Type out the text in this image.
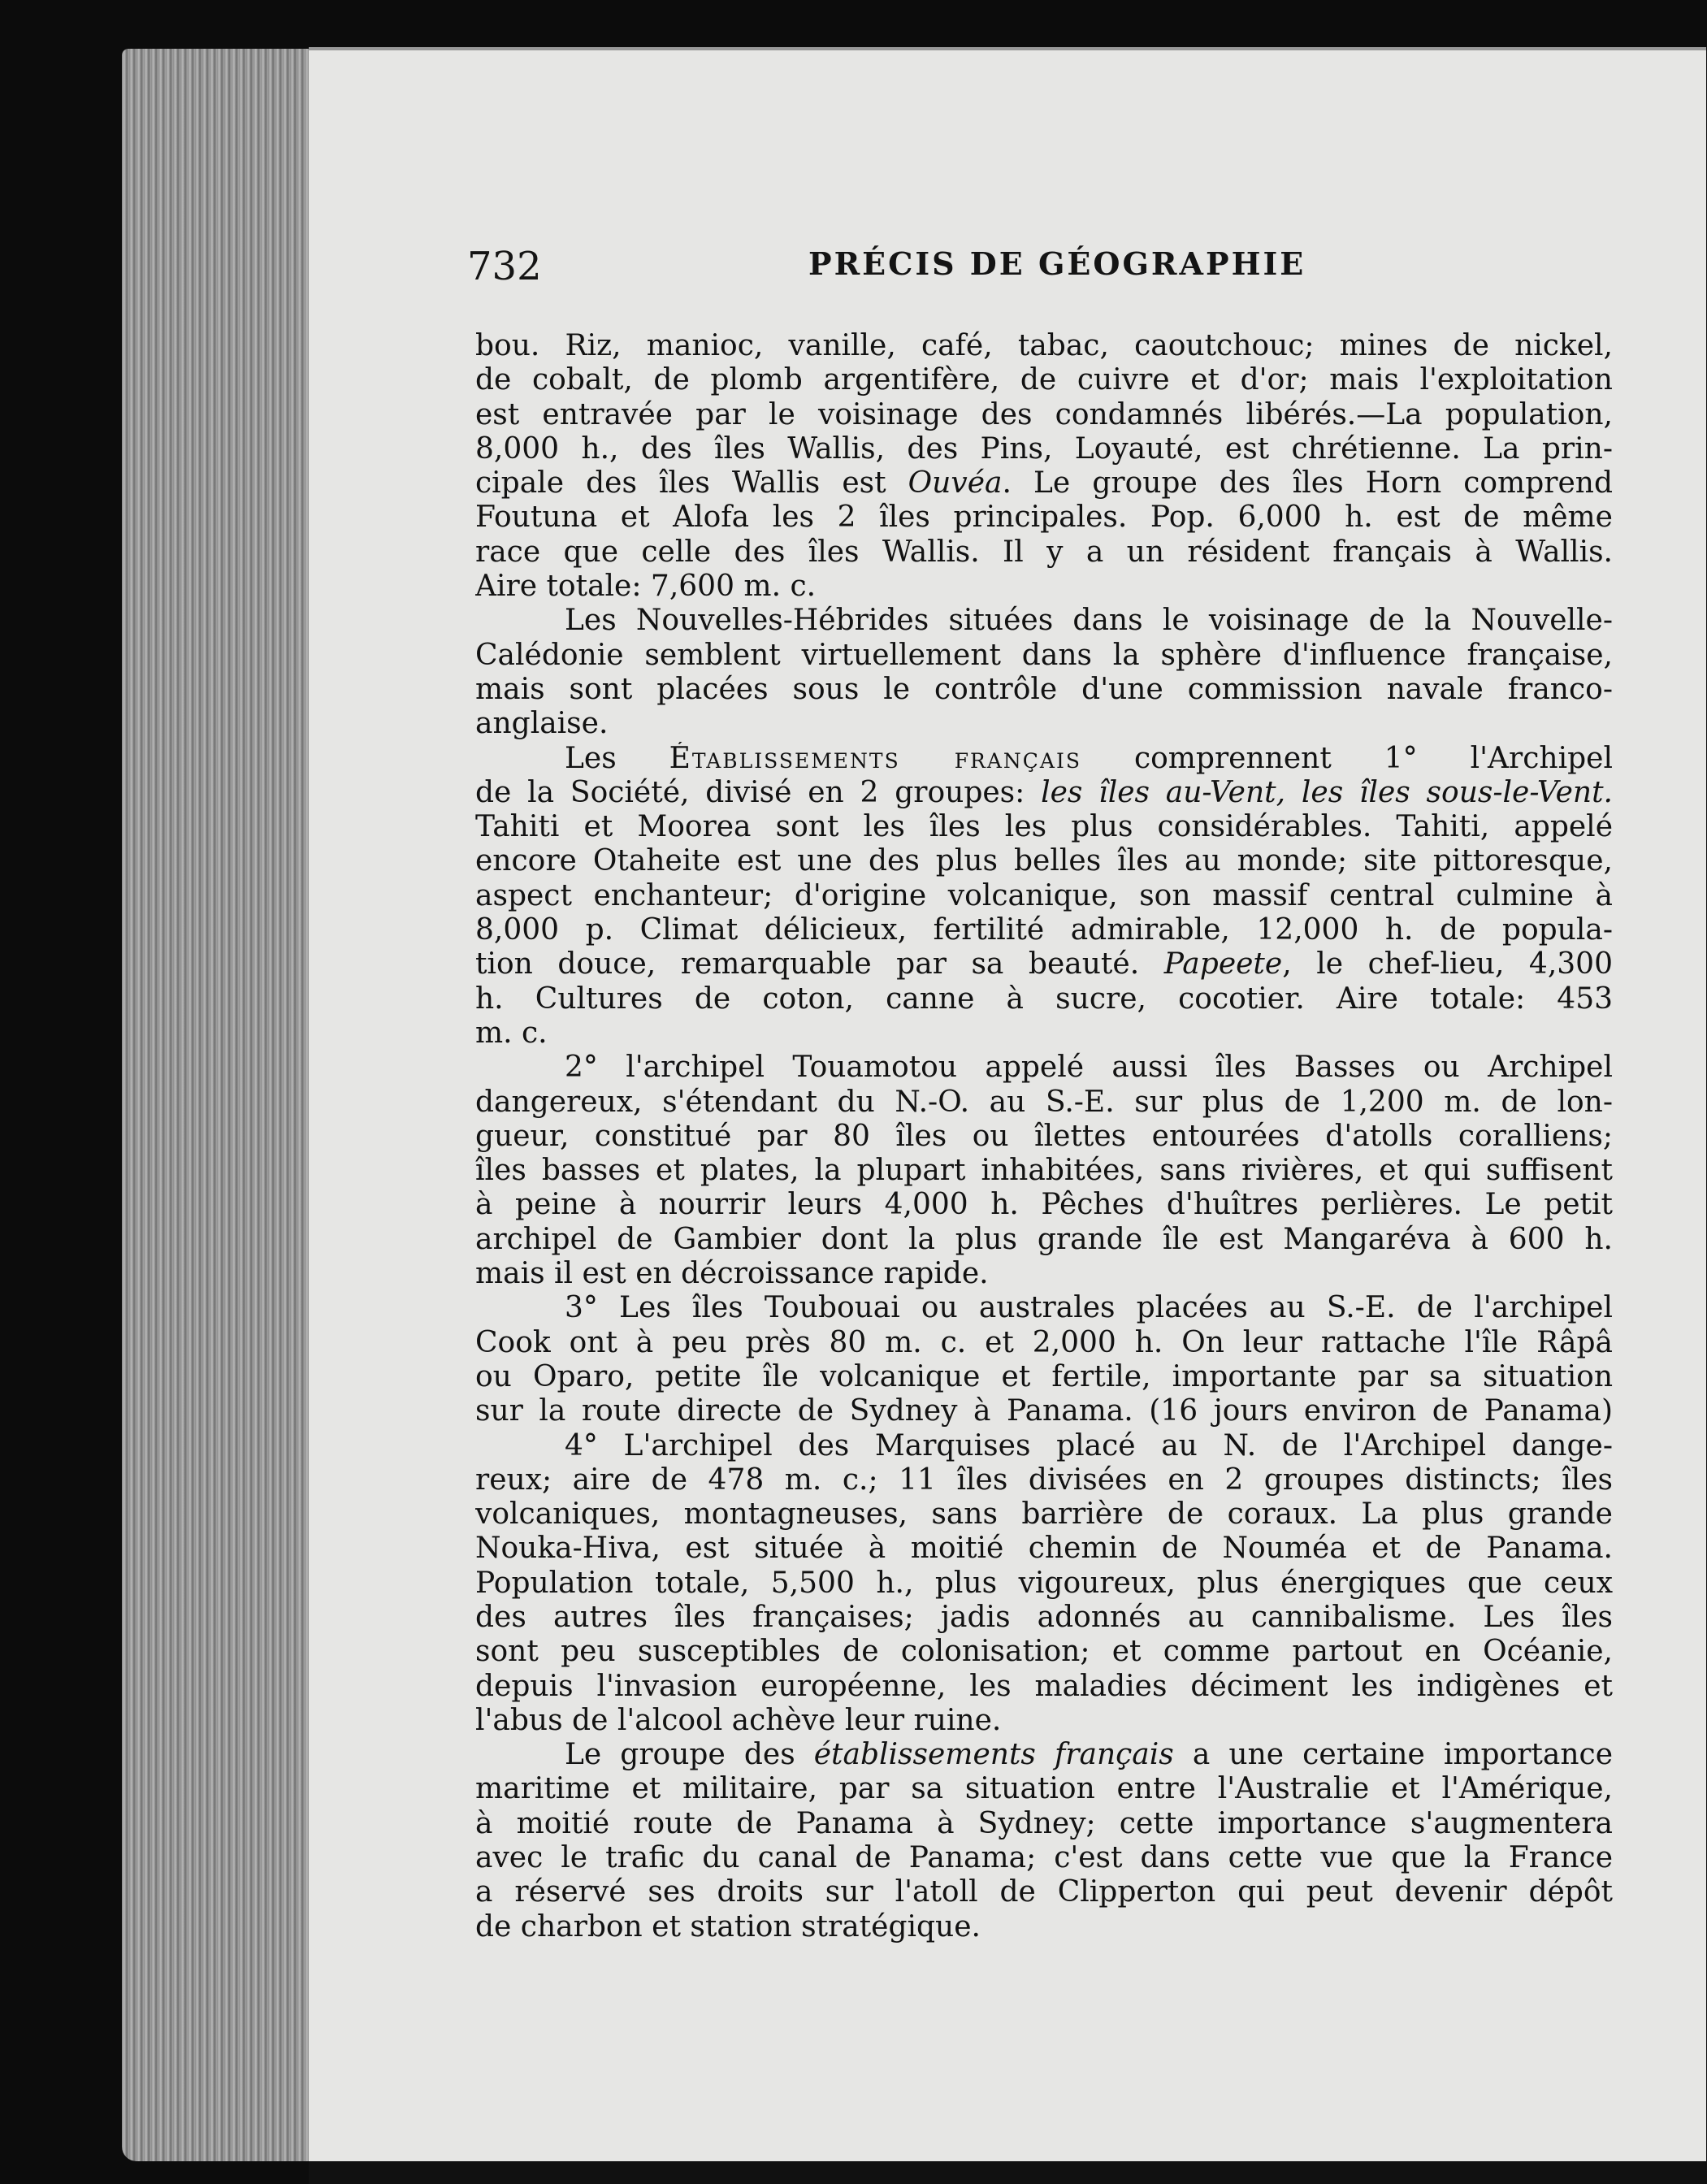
732	PRÉCIS DE GÉOGRAPHIE
bou. Riz, manioc, vanille, café, tabac, caoutchouc; mines de nickel,
de cobalt, de plomb argentifère, de cuivre et d'or; mais l'exploitation
est entravée par le voisinage des condamnés libérés.—La population,
8,000 h., des îles Wallis, des Pins, Loyauté, est chrétienne. La prin-
cipale des îles Wallis est Ouvéa. Le groupe des îles Horn comprend
Foutuna et Alofa les 2 îles principales. Pop. 6,000 h. est de même
race que celle des îles Wallis. Il y a un résident français à Wallis.
Aire totale: 7,600 m. c.
Les Nouvelles-Hébrides situées dans le voisinage de la Nouvelle-
Calédonie semblent virtuellement dans la sphère d'influence française,
mais sont placées sous le contrôle d'une commission navale franco-
anglaise.
Les Établissements français comprennent 1° l'Archipel
de la Société, divisé en 2 groupes: les îles au-Vent, les îles sous-le-Vent.
Tahiti et Moorea sont les îles les plus considérables. Tahiti, appelé
encore Otaheite est une des plus belles îles au monde; site pittoresque,
aspect enchanteur; d'origine volcanique, son massif central culmine à
8,000 p. Climat délicieux, fertilité admirable, 12,000 h. de popula-
tion douce, remarquable par sa beauté. Papeete, le chef-lieu, 4,300
h. Cultures de coton, canne à sucre, cocotier. Aire totale: 453
m. c.
2° l'archipel Touamotou appelé aussi îles Basses ou Archipel
dangereux, s'étendant du N.-O. au S.-E. sur plus de 1,200 m. de lon-
gueur, constitué par 80 îles ou îlettes entourées d'atolls coralliens;
îles basses et plates, la plupart inhabitées, sans rivières, et qui suffisent
à peine à nourrir leurs 4,000 h. Pêches d'huîtres perlières. Le petit
archipel de Gambier dont la plus grande île est Mangaréva à 600 h.
mais il est en décroissance rapide.
3° Les îles Toubouai ou australes placées au S.-E. de l'archipel
Cook ont à peu près 80 m. c. et 2,000 h. On leur rattache l'île Râpâ
ou Oparo, petite île volcanique et fertile, importante par sa situation
sur la route directe de Sydney à Panama. (16 jours environ de Panama)
4° L'archipel des Marquises placé au N. de l'Archipel dange-
reux; aire de 478 m. c.; 11 îles divisées en 2 groupes distincts; îles
volcaniques, montagneuses, sans barrière de coraux. La plus grande
Nouka-Hiva, est située à moitié chemin de Nouméa et de Panama.
Population totale, 5,500 h., plus vigoureux, plus énergiques que ceux
des autres îles françaises; jadis adonnés au cannibalisme. Les îles
sont peu susceptibles de colonisation; et comme partout en Océanie,
depuis l'invasion européenne, les maladies déciment les indigènes et
l'abus de l'alcool achève leur ruine.
Le groupe des établissements français a une certaine importance
maritime et militaire, par sa situation entre l'Australie et l'Amérique,
à moitié route de Panama à Sydney; cette importance s'augmentera
avec le trafic du canal de Panama; c'est dans cette vue que la France
a réservé ses droits sur l'atoll de Clipperton qui peut devenir dépôt
de charbon et station stratégique.
